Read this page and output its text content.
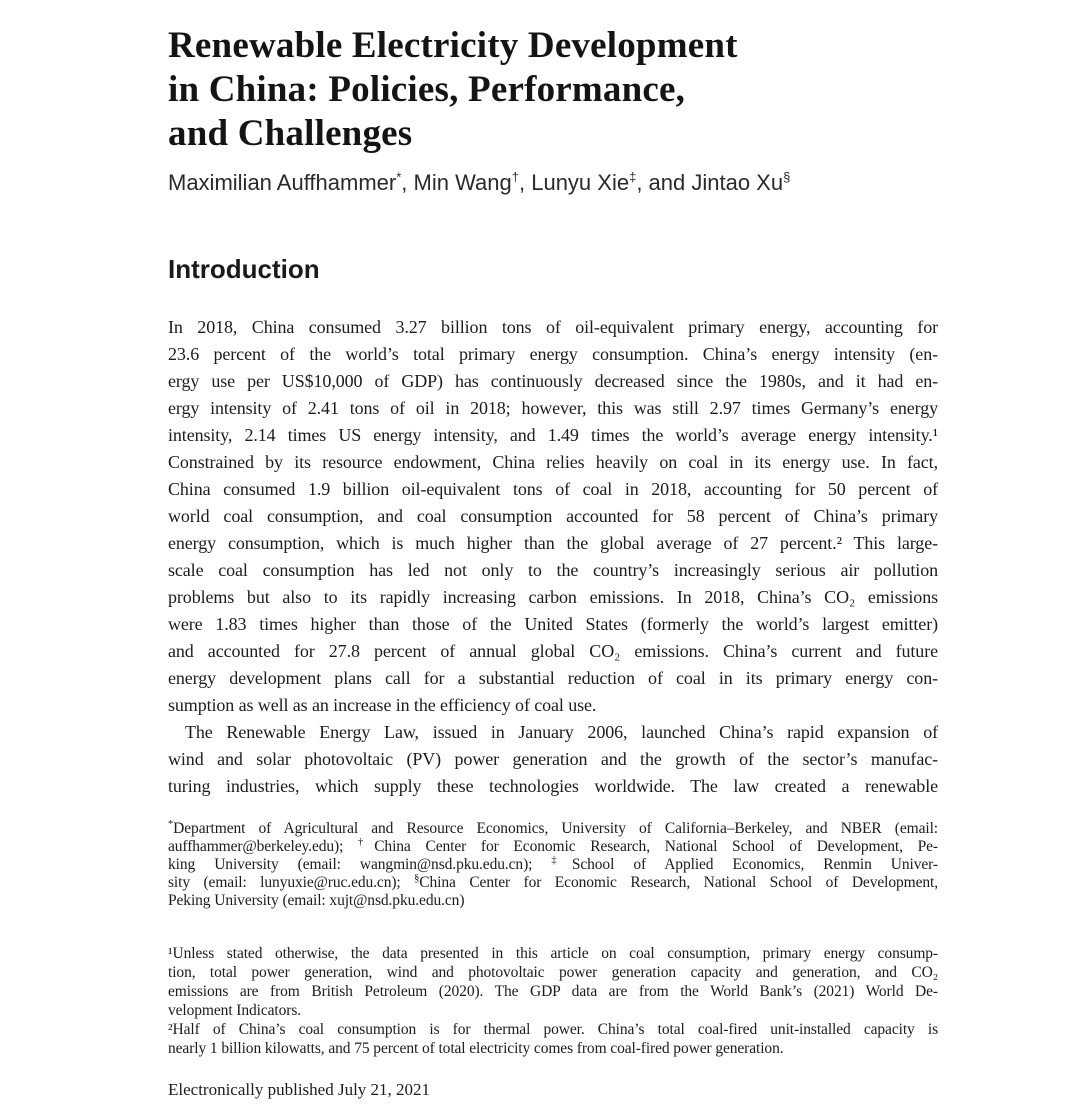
Renewable Electricity Development
in China: Policies, Performance,
and Challenges
Maximilian Auffhammer*, Min Wang†, Lunyu Xie‡, and Jintao Xu§
Introduction
In 2018, China consumed 3.27 billion tons of oil-equivalent primary energy, accounting for
23.6 percent of the world’s total primary energy consumption. China’s energy intensity (en-
ergy use per US$10,000 of GDP) has continuously decreased since the 1980s, and it had en-
ergy intensity of 2.41 tons of oil in 2018; however, this was still 2.97 times Germany’s energy
intensity, 2.14 times US energy intensity, and 1.49 times the world’s average energy intensity.¹
Constrained by its resource endowment, China relies heavily on coal in its energy use. In fact,
China consumed 1.9 billion oil-equivalent tons of coal in 2018, accounting for 50 percent of
world coal consumption, and coal consumption accounted for 58 percent of China’s primary
energy consumption, which is much higher than the global average of 27 percent.² This large-
scale coal consumption has led not only to the country’s increasingly serious air pollution
problems but also to its rapidly increasing carbon emissions. In 2018, China’s CO₂ emissions
were 1.83 times higher than those of the United States (formerly the world’s largest emitter)
and accounted for 27.8 percent of annual global CO₂ emissions. China’s current and future
energy development plans call for a substantial reduction of coal in its primary energy con-
sumption as well as an increase in the efficiency of coal use.
The Renewable Energy Law, issued in January 2006, launched China’s rapid expansion of
wind and solar photovoltaic (PV) power generation and the growth of the sector’s manufac-
turing industries, which supply these technologies worldwide. The law created a renewable
*Department of Agricultural and Resource Economics, University of California–Berkeley, and NBER (email:
auffhammer@berkeley.edu); †China Center for Economic Research, National School of Development, Pe-
king University (email: wangmin@nsd.pku.edu.cn); ‡School of Applied Economics, Renmin Univer-
sity (email: lunyuxie@ruc.edu.cn); §China Center for Economic Research, National School of Development,
Peking University (email: xujt@nsd.pku.edu.cn)
¹Unless stated otherwise, the data presented in this article on coal consumption, primary energy consump-
tion, total power generation, wind and photovoltaic power generation capacity and generation, and CO₂
emissions are from British Petroleum (2020). The GDP data are from the World Bank’s (2021) World De-
velopment Indicators.
²Half of China’s coal consumption is for thermal power. China’s total coal-fired unit-installed capacity is
nearly 1 billion kilowatts, and 75 percent of total electricity comes from coal-fired power generation.
Electronically published July 21, 2021
